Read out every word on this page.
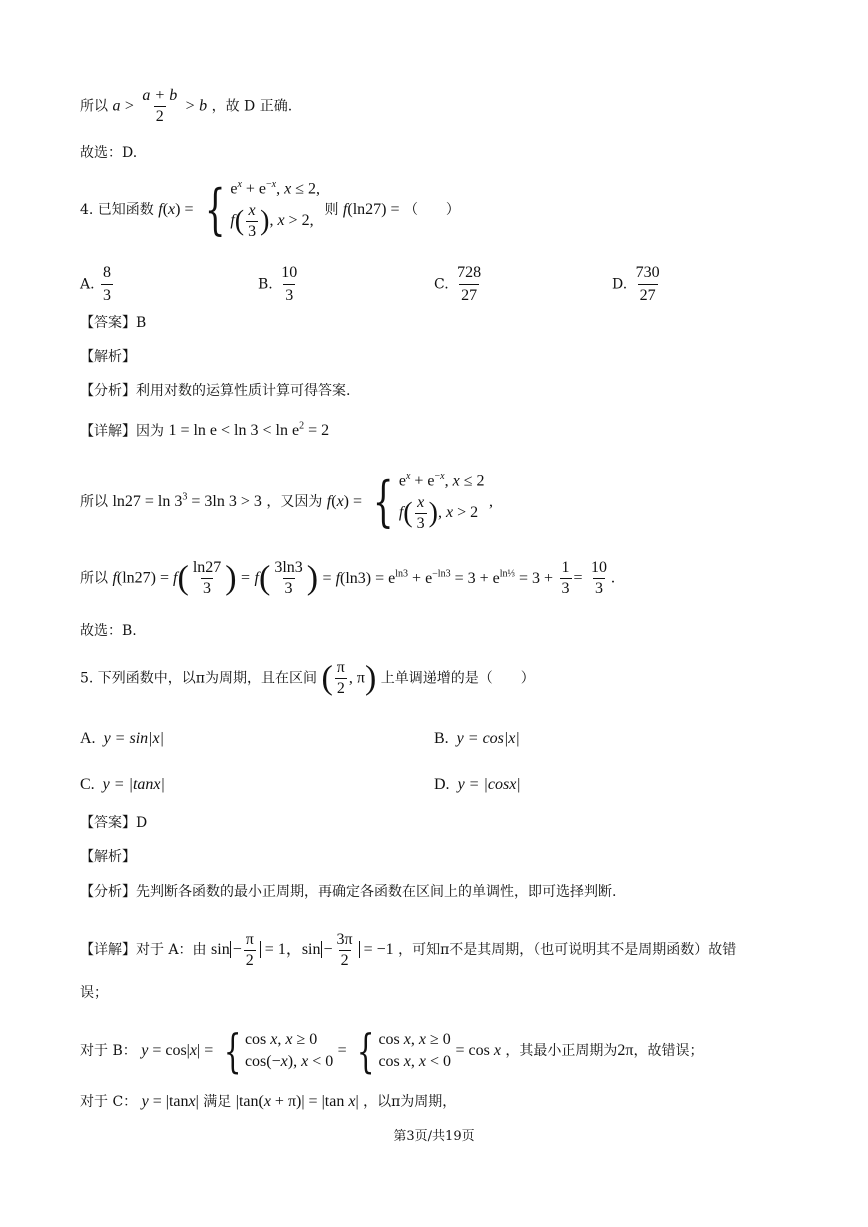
所以 $a > \frac{a + b}{2} > b$ ，故 D 正确.
故选：D.
4. 已知函数 f(x) = { $e^x + e^{-x}$, x ≤ 2,
$f( \frac{x}{3}$ ), x > 2,
则 f(ln27) = （　　）
A. $\frac{8}{3}$	B. $\frac{10}{3}$	C. $\frac{728}{27}$	D. $\frac{730}{27}$
【答案】B
【解析】
【分析】利用对数的运算性质计算可得答案.
【详解】因为 $1 = \ln e < \ln 3 < \ln e^2 = 2$
所以 $\ln 27 = \ln 3^3 = 3\ln$ 3 > 3 ，又因为 f(x) = { $e^x + e^{-x}$, x ≤ 2
$f( \frac{x}{3}$ ), x > 2
,
所以 $f(\ln 27) = f( \frac{\ln 27}{3}$ ) = $f( \frac{3\ln 3}{3}$ ) = $f(\ln 3) = e^{ln3} + e^{-ln3} = 3 + e^{ln\frac{1}{3}} = 3 + \frac{1}{3} = \frac{10}{3}$ .
故选：B.
5. 下列函数中，以π为周期，且在区间 ( $\frac{\pi}{2}$ , π) 上单调递增的是（　　）
A. y = sin|x|	B. y = cos|x|
C. y = |tanx|	D. y = |cosx|
【答案】D
【解析】
【分析】先判断各函数的最小正周期，再确定各函数在区间上的单调性，即可选择判断.
【详解】对于 A：由 $\sin - \frac{\pi}{2} = 1$，$\sin - \frac{3\pi}{2} = -1$ ，可知π不是其周期，（也可说明其不是周期函数）故错
误；
对于 B： y = cos|x| = { cos x, x ≥ 0
cos(−x), x < 0
= { cos x, x ≥ 0
cos x, x < 0
= cos x ，其最小正周期为2π，故错误；
对于 C： y = |tanx| 满足 |tan(x + π)| = |tan x| ，以π为周期，
第3页/共19页
